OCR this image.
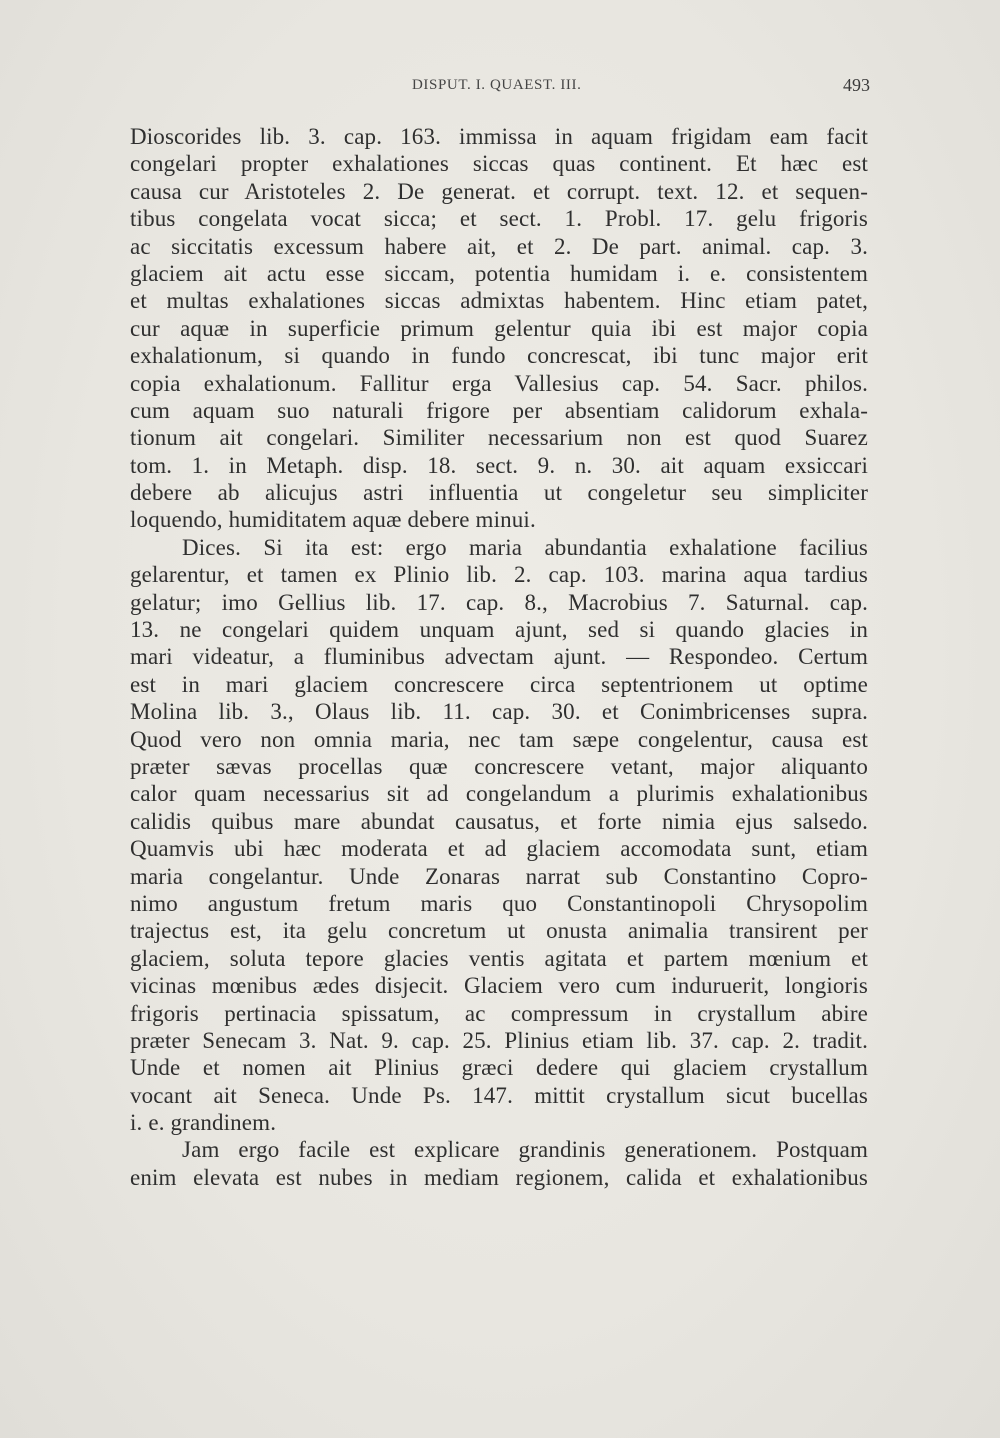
DISPUT. I. QUAEST. III.	493
Dioscorides lib. 3. cap. 163. immissa in aquam frigidam eam facit
congelari propter exhalationes siccas quas continent. Et hæc est
causa cur Aristoteles 2. De generat. et corrupt. text. 12. et sequen-
tibus congelata vocat sicca; et sect. 1. Probl. 17. gelu frigoris
ac siccitatis excessum habere ait, et 2. De part. animal. cap. 3.
glaciem ait actu esse siccam, potentia humidam i. e. consistentem
et multas exhalationes siccas admixtas habentem. Hinc etiam patet,
cur aquæ in superficie primum gelentur quia ibi est major copia
exhalationum, si quando in fundo concrescat, ibi tunc major erit
copia exhalationum. Fallitur erga Vallesius cap. 54. Sacr. philos.
cum aquam suo naturali frigore per absentiam calidorum exhala-
tionum ait congelari. Similiter necessarium non est quod Suarez
tom. 1. in Metaph. disp. 18. sect. 9. n. 30. ait aquam exsiccari
debere ab alicujus astri influentia ut congeletur seu simpliciter
loquendo, humiditatem aquæ debere minui.
Dices. Si ita est: ergo maria abundantia exhalatione facilius
gelarentur, et tamen ex Plinio lib. 2. cap. 103. marina aqua tardius
gelatur; imo Gellius lib. 17. cap. 8., Macrobius 7. Saturnal. cap.
13. ne congelari quidem unquam ajunt, sed si quando glacies in
mari videatur, a fluminibus advectam ajunt. — Respondeo. Certum
est in mari glaciem concrescere circa septentrionem ut optime
Molina lib. 3., Olaus lib. 11. cap. 30. et Conimbricenses supra.
Quod vero non omnia maria, nec tam sæpe congelentur, causa est
præter sævas procellas quæ concrescere vetant, major aliquanto
calor quam necessarius sit ad congelandum a plurimis exhalationibus
calidis quibus mare abundat causatus, et forte nimia ejus salsedo.
Quamvis ubi hæc moderata et ad glaciem accomodata sunt, etiam
maria congelantur. Unde Zonaras narrat sub Constantino Copro-
nimo angustum fretum maris quo Constantinopoli Chrysopolim
trajectus est, ita gelu concretum ut onusta animalia transirent per
glaciem, soluta tepore glacies ventis agitata et partem mœnium et
vicinas mœnibus ædes disjecit. Glaciem vero cum induruerit, longioris
frigoris pertinacia spissatum, ac compressum in crystallum abire
præter Senecam 3. Nat. 9. cap. 25. Plinius etiam lib. 37. cap. 2. tradit.
Unde et nomen ait Plinius græci dedere qui glaciem crystallum
vocant ait Seneca. Unde Ps. 147. mittit crystallum sicut bucellas
i. e. grandinem.
Jam ergo facile est explicare grandinis generationem. Postquam
enim elevata est nubes in mediam regionem, calida et exhalationibus
